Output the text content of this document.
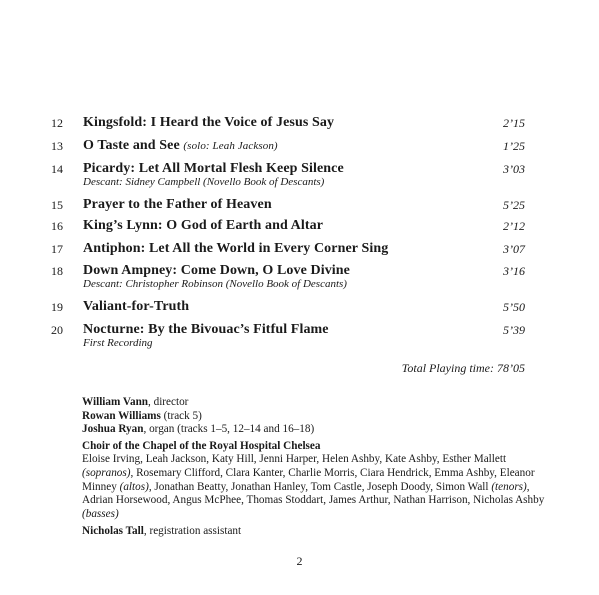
12 Kingsfold: I Heard the Voice of Jesus Say	2’15
13 O Taste and See (solo: Leah Jackson)	1’25
14 Picardy: Let All Mortal Flesh Keep Silence	3’03
Descant: Sidney Campbell (Novello Book of Descants)
15 Prayer to the Father of Heaven	5’25
16 King’s Lynn: O God of Earth and Altar	2’12
17 Antiphon: Let All the World in Every Corner Sing	3’07
18 Down Ampney: Come Down, O Love Divine	3’16
Descant: Christopher Robinson (Novello Book of Descants)
19 Valiant-for-Truth	5’50
20 Nocturne: By the Bivouac’s Fitful Flame	5’39
First Recording
Total Playing time: 78’05
William Vann, director
Rowan Williams (track 5)
Joshua Ryan, organ (tracks 1–5, 12–14 and 16–18)
Choir of the Chapel of the Royal Hospital Chelsea
Eloise Irving, Leah Jackson, Katy Hill, Jenni Harper, Helen Ashby, Kate Ashby, Esther Mallett (sopranos), Rosemary Clifford, Clara Kanter, Charlie Morris, Ciara Hendrick, Emma Ashby, Eleanor Minney (altos), Jonathan Beatty, Jonathan Hanley, Tom Castle, Joseph Doody, Simon Wall (tenors), Adrian Horsewood, Angus McPhee, Thomas Stoddart, James Arthur, Nathan Harrison, Nicholas Ashby (basses)
Nicholas Tall, registration assistant
2
